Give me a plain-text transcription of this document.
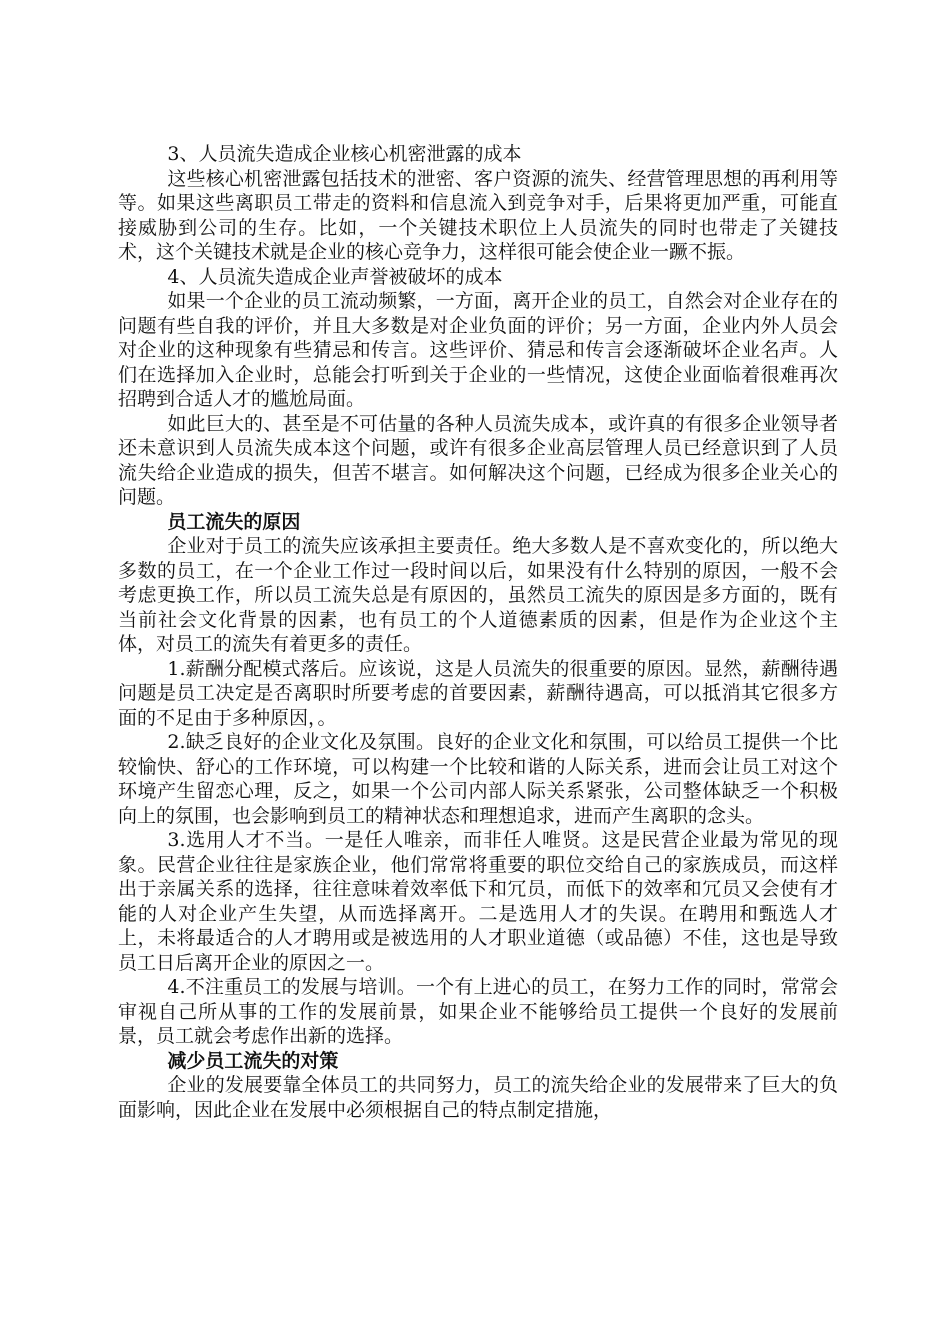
3、人员流失造成企业核心机密泄露的成本

这些核心机密泄露包括技术的泄密、客户资源的流失、经营管理思想的再利用等等。如果这些离职员工带走的资料和信息流入到竞争对手，后果将更加严重，可能直接威胁到公司的生存。比如，一个关键技术职位上人员流失的同时也带走了关键技术，这个关键技术就是企业的核心竞争力，这样很可能会使企业一蹶不振。

4、人员流失造成企业声誉被破坏的成本

如果一个企业的员工流动频繁，一方面，离开企业的员工，自然会对企业存在的问题有些自我的评价，并且大多数是对企业负面的评价；另一方面，企业内外人员会对企业的这种现象有些猜忌和传言。这些评价、猜忌和传言会逐渐破坏企业名声。人们在选择加入企业时，总能会打听到关于企业的一些情况，这使企业面临着很难再次招聘到合适人才的尴尬局面。

如此巨大的、甚至是不可估量的各种人员流失成本，或许真的有很多企业领导者还未意识到人员流失成本这个问题，或许有很多企业高层管理人员已经意识到了人员流失给企业造成的损失，但苦不堪言。如何解决这个问题，已经成为很多企业关心的问题。

员工流失的原因

企业对于员工的流失应该承担主要责任。绝大多数人是不喜欢变化的，所以绝大多数的员工，在一个企业工作过一段时间以后，如果没有什么特别的原因，一般不会考虑更换工作，所以员工流失总是有原因的，虽然员工流失的原因是多方面的，既有当前社会文化背景的因素，也有员工的个人道德素质的因素，但是作为企业这个主体，对员工的流失有着更多的责任。

1.薪酬分配模式落后。应该说，这是人员流失的很重要的原因。显然，薪酬待遇问题是员工决定是否离职时所要考虑的首要因素，薪酬待遇高，可以抵消其它很多方面的不足由于多种原因，。

2.缺乏良好的企业文化及氛围。良好的企业文化和氛围，可以给员工提供一个比较愉快、舒心的工作环境，可以构建一个比较和谐的人际关系，进而会让员工对这个环境产生留恋心理，反之，如果一个公司内部人际关系紧张，公司整体缺乏一个积极向上的氛围，也会影响到员工的精神状态和理想追求，进而产生离职的念头。

3.选用人才不当。一是任人唯亲，而非任人唯贤。这是民营企业最为常见的现象。民营企业往往是家族企业，他们常常将重要的职位交给自己的家族成员，而这样出于亲属关系的选择，往往意味着效率低下和冗员，而低下的效率和冗员又会使有才能的人对企业产生失望，从而选择离开。二是选用人才的失误。在聘用和甄选人才上，未将最适合的人才聘用或是被选用的人才职业道德（或品德）不佳，这也是导致员工日后离开企业的原因之一。

4.不注重员工的发展与培训。一个有上进心的员工，在努力工作的同时，常常会审视自己所从事的工作的发展前景，如果企业不能够给员工提供一个良好的发展前景，员工就会考虑作出新的选择。

减少员工流失的对策

企业的发展要靠全体员工的共同努力，员工的流失给企业的发展带来了巨大的负面影响，因此企业在发展中必须根据自己的特点制定措施，
